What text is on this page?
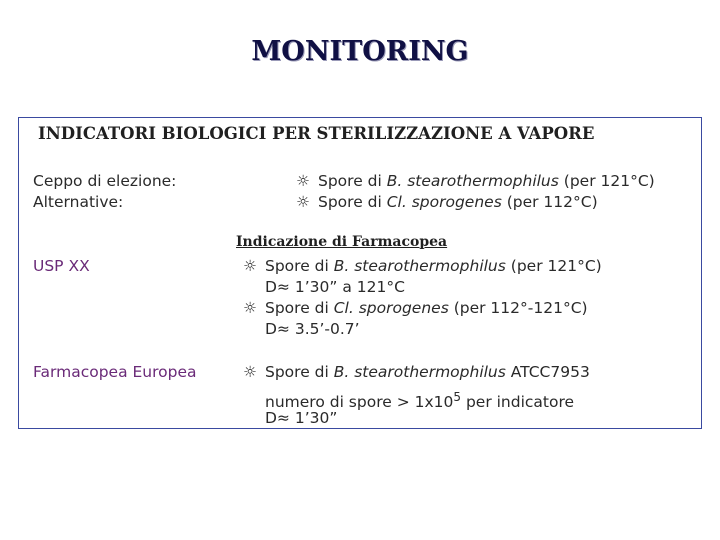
MONITORING
INDICATORI BIOLOGICI PER STERILIZZAZIONE A VAPORE
Ceppo di elezione:	☼ Spore di B. stearothermophilus (per 121°C)
Alternative:	☼ Spore di Cl. sporogenes (per 112°C)
Indicazione di Farmacopea
USP XX	☼ Spore di B. stearothermophilus (per 121°C)
D≈ 1’30” a 121°C
☼ Spore di Cl. sporogenes (per 112°-121°C)
D≈ 3.5’-0.7’
Farmacopea Europea	☼ Spore di B. stearothermophilus ATCC7953
numero di spore > $1x10^5$ per indicatore
D≈ 1’30”
